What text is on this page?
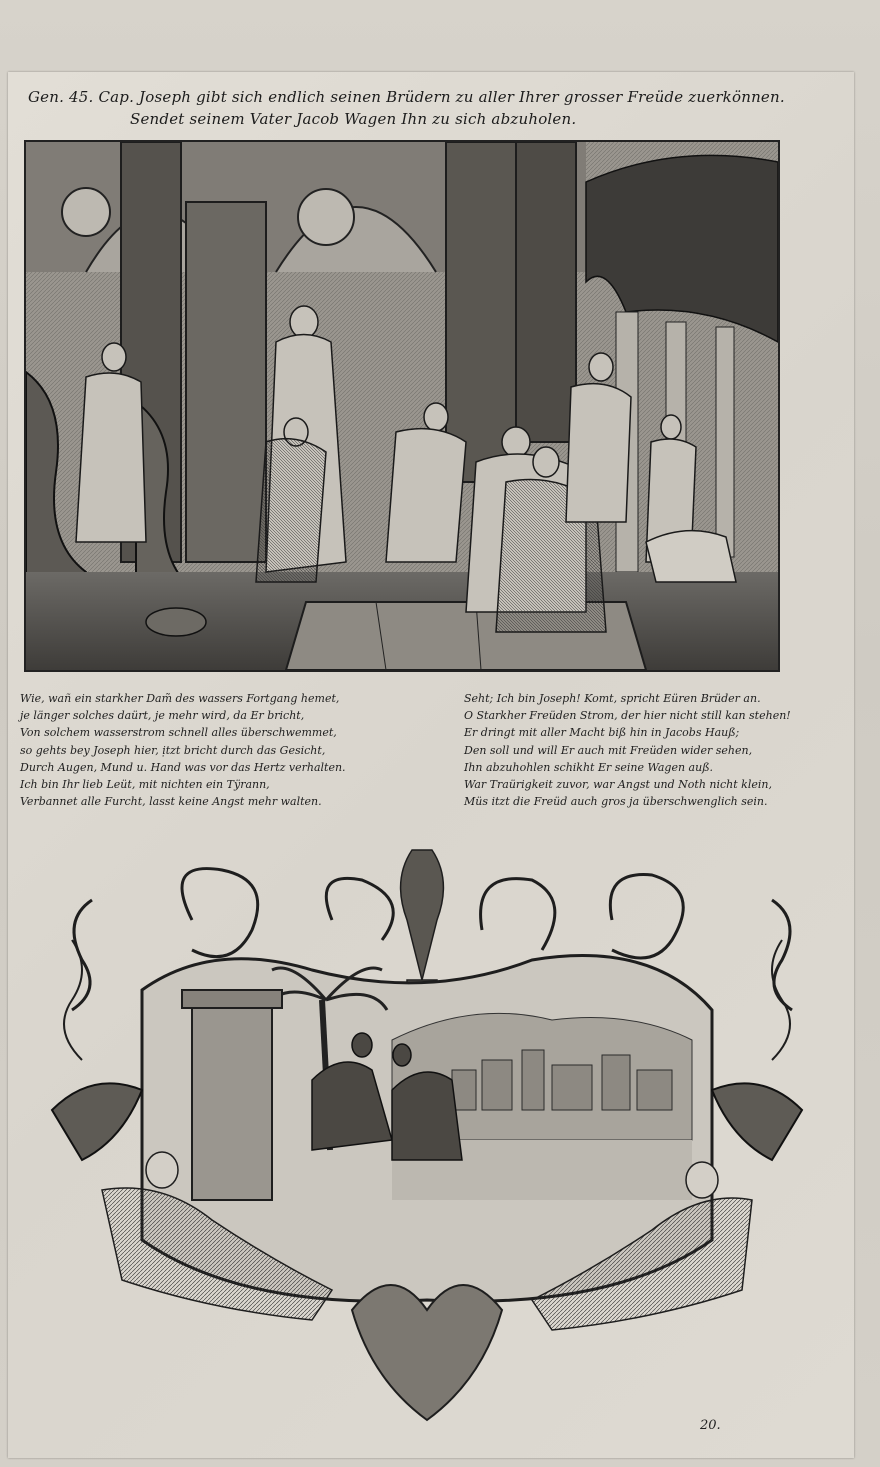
Gen. 45. Cap. Joseph gibt sich endlich seinen Brüdern zu aller Ihrer grosser Freüde zuerkönnen.
Sendet seinem Vater Jacob Wagen Ihn zu sich abzuholen.
Wie, wañ ein starkher Dam̃ des wassers Fortgang hemet,
je länger solches daürt, je mehr wird, da Er bricht,
Von solchem wasserstrom schnell alles überschwemmet,
so gehts bey Joseph hier, ịtzt bricht durch das Gesicht,
Durch Augen, Mund u. Hand was vor das Hertz verhalten.
Ich bin Ihr lieb Leüt, mit nichten ein Tÿrann,
Verbannet alle Furcht, lasst keine Angst mehr walten.
Seht; Ich bin Joseph! Komt, spricht Eüren Brüder an.
O Starkher Freüden Strom, der hier nicht still kan stehen!
Er dringt mit aller Macht biß hin in Jacobs Hauß;
Den soll und will Er auch mit Freüden wider sehen,
Ihn abzuhohlen schikht Er seine Wagen auß.
War Traürigkeit zuvor, war Angst und Noth nicht klein,
Müs itzt die Freüd auch gros ja überschwenglich sein.
20.
